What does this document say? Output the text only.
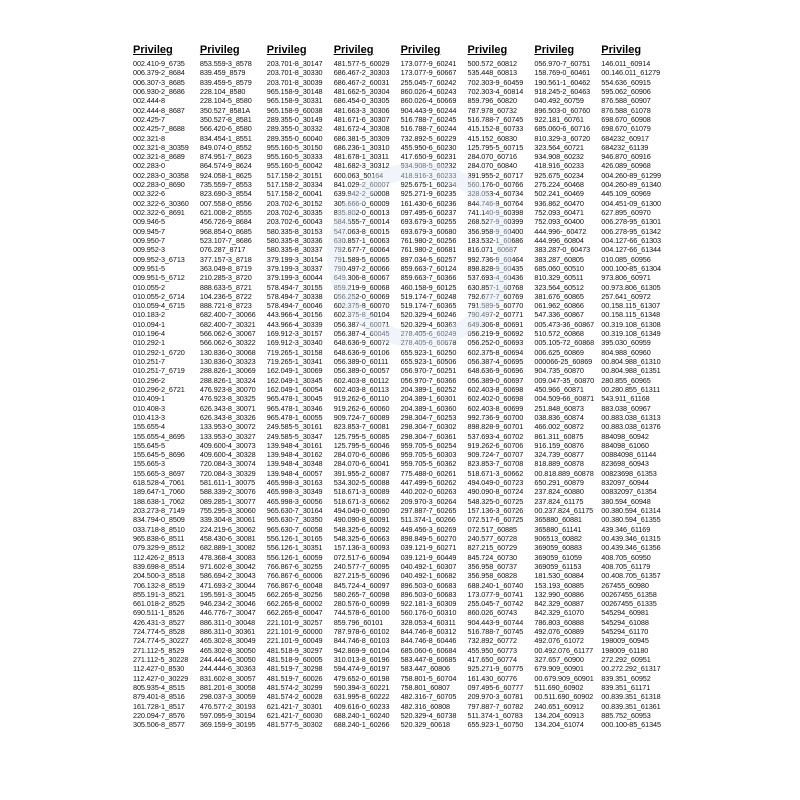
Privileg
002.410-9_6735
006.379-2_8684
006.307-3_8685
006.930-2_8686
002.444-8
002.444-8_8687
002.425-7
002.425-7_8688
002.321-8
002.321-8_30359
002.321-8_8689
002.283-0
002.283-0_30358
002.283-0_8690
002.322-6
002.322-6_30360
002.322-6_8691
009.946-5
009.945-7
009.950-7
009.952-3
009.952-3_6713
009.951-5
009.951-5_6712
010.055-2
010.055-2_6714
010.059-4_6715
010.183-2
010.094-1
010.196-4
010.292-1
010.292-1_6720
010.251-7
010.251-7_6719
010.296-2
010.296-2_6721
010.409-1
010.408-3
010.413-3
155.655-4
155.655-4_8695
155.645-5
155.645-5_8696
155.665-3
155.665-3_8697
618.528-4_7061
189.647-1_7060
188.638-1_7062
203.273-8_7149
834.794-0_8509
033.718-8_8510
965.838-6_8511
079.329-9_8512
112.426-2_8513
839.698-8_8514
204.500-3_8518
706.132-8_8519
855.191-3_8521
661.018-2_8525
690.511-1_8526
426.431-3_8527
724.774-5_8528
724.774-5_30227
271.112-5_8529
271.112-5_30228
112.427-0_8530
112.427-0_30229
805.935-4_8515
879.401-8_8516
161.728-1_8517
220.094-7_8576
305.506-8_8577
Privileg
853.559-3_8578
839.459_8579
839.459-5_8579
228.104_8580
228.104-5_8580
350.527_8581A
350.527-8_8581
566.420-6_8580
834.454-1_8551
849.074-0_8552
874.951-7_8623
864.574-9_8624
924.058-1_8625
735.559-7_8553
823.690-3_8554
007.558-0_8556
621.008-2_8555
456.726-9_8684
968.854-0_8685
523.107-7_8686
076.287_8717
377.157-3_8718
363.049-8_8719
210.285-3_8720
888.633-5_8721
104.236-5_8722
888.721-8_8723
682.400-7_30066
682.400-7_30321
566.062-6_30067
566.062-6_30322
130.836-0_30068
130.836-0_30323
288.826-1_30069
288.826-1_30324
476.923-8_30070
476.923-8_30325
626.343-8_30071
626.343-8_30326
133.953-0_30072
133.953-0_30327
409.600-4_30073
409.600-4_30328
720.084-3_30074
720.084-3_30329
581.611-1_30075
588.339-2_30076
089.285-1_30077
755.295-3_30060
339.304-8_30061
224.219-6_30062
458.430-6_30081
682.889-1_30082
478.368-4_30083
971.602-8_30042
586.694-2_30043
471.693-2_30044
195.591-3_30045
946.234-2_30046
446.776-7_30047
886.311-0_30048
886.311-0_30361
465.302-8_30049
465.302-8_30050
244.444-6_30050
244.444-6_30363
831.602-8_30057
881.201-8_30058
298.037-3_30059
476.577-2_30193
597.095-9_30194
369.159-9_30195
Privileg
203.701-8_30147
203.701-8_30330
203.701-8_30039
965.158-9_30148
965.158-9_30331
965.158-9_60038
289.355-0_30149
289.355-0_30332
289.355-0_60040
955.160-5_30150
955.160-5_30333
955.160-5_60042
517.158-2_30151
517.158-2_30334
517.158-2_60041
203.702-6_30152
203.702-6_30335
203.702-6_60043
580.335-8_30153
580.335-8_30336
580.335-8_30337
379.199-3_30154
379.199-3_30337
379.199-3_60044
578.494-7_30155
578.494-7_30338
578.494-7_60046
443.966-4_30156
443.966-4_30339
169.912-3_30157
169.912-3_30340
719.265-1_30158
719.265-1_30341
162.049-1_30069
162.049-1_30345
162.049-1_60054
965.478-1_30045
965.478-1_30346
965.478-1_60055
249.585-5_30161
249.585-5_30347
139.948-4_30161
139.948-4_30162
139.948-4_30348
139.948-4_60057
465.998-3_30163
465.998-3_30349
465.998-3_60056
965.630-7_30164
965.630-7_30350
965.630-7_60058
556.126-1_30165
556.126-1_30351
556.126-1_60059
766.867-6_30255
766.867-6_60006
766.867-6_60048
662.265-8_30256
662.265-8_60002
662.265-8_60047
221.101-9_30257
221.101-9_60000
221.101-9_60049
481.518-9_30297
481.518-9_60005
481.519-7_30298
481.519-7_60026
481.574-2_30299
481.574-2_60028
621.421-7_30301
621.421-7_60030
481.577-5_30302
Privileg
481.577-5_60029
686.467-2_30303
686.467-2_60031
481.662-5_30304
686.454-0_30305
481.663-3_30306
481.671-6_30307
481.672-4_30308
686.381-5_30309
686.236-1_30310
481.678-1_30311
481.682-3_30312
600.063_50164
841.029-2_60007
639.942-2_60008
305.666-0_60009
835.802-0_60013
584.555-7_60014
547.063-8_60015
630.857-1_60063
792.677-7_60064
791.589-5_60065
790.497-2_60066
649.306-8_60067
859.219-9_60068
056.252-0_60069
602.375-8_60070
602.375-8_60104
056.387-4_60071
056.387-4_60045
648.636-9_60072
648.636-9_60106
056.389-0_60111
056.389-0_60057
602.403-8_60112
602.403-8_60113
919.262-6_60110
919.262-6_60060
909.724-7_60089
823.853-7_60081
125.795-5_60085
125.795-5_60046
284.070-6_60086
284.070-6_60041
391.955-2_60087
534.302-5_60088
518.671-3_60089
518.671-3_60662
494.049-0_60090
490.090-8_60091
548.325-6_60092
548.325-6_60663
157.136-3_60093
072.517-6_60094
240.577-7_60095
827.215-5_60096
845.724-4_60097
580.265-7_60098
280.576-0_60099
744.578-6_60100
859.796_60101
787.978-6_60102
844.746-8_60103
942.869-9_60104
310.013-8_60196
594.474-9_60197
479.652-0_60198
590.394-3_60221
631.995-8_60222
409.616-0_60233
688.240-1_60240
688.240-1_60266
Privileg
173.077-9_60241
173.077-9_60667
255.045-7_60242
860.026-4_60243
860.026-4_60669
904.443-9_60244
516.788-7_60245
516.788-7_60244
732.892-5_60229
455.950-6_60230
417.650-9_60231
934.908-5_60232
418.916-3_60233
925.675-1_60234
925.271-9_60235
161.430-6_60236
097.495-6_60237
693.679-3_60255
693.679-3_60680
761.980-2_60256
761.980-2_60681
897.034-5_60257
859.663-7_60124
859.663-7_60366
460.158-9_60125
519.174-7_60248
519.174-7_60365
520.329-4_60246
520.329-4_60363
278.405-6_60249
278.405-6_60678
655.923-1_60250
655.923-1_60506
056.970-7_60251
056.970-7_60366
204.389-1_60252
204.389-1_60301
204.389-1_60360
298.304-7_60253
298.304-7_60302
298.304-7_60361
959.705-5_60254
959.705-5_60303
959.705-5_60362
775.488-0_60261
447.499-5_60262
440.202-0_60263
209.970-3_60264
297.887-7_60265
511.374-1_60266
449.456-3_60269
898.849-5_60270
039.121-9_60271
039.121-9_60449
040.492-1_60307
040.492-1_60682
896.503-0_60683
896.503-0_60683
922.181-3_60309
560.176-0_60310
328.053-4_60311
844.746-8_60312
844.746-8_60446
685.060-6_60684
583.447-8_60685
583.447_60806
758.801-5_60704
758.801_60807
482.316-7_60705
482.316_60808
520.329-4_60738
520.329_60618
Privileg
500.572_60812
535.448_60813
702.303-9_60459
702.303-4_60814
859.796_60820
787.978_60732
516.788-7_60745
415.152-8_60733
415.152_60830
125.795-5_60715
284.070_60716
284.070_60840
391.955-2_60717
560.176-0_60766
328.053-4_60734
844.746-8_60764
741.140-9_60398
268.527-9_60399
356.958-9_60400
183.532-1_60686
816.071_60687
992.736-9_60464
898.828-9_60435
537.693-4_60436
630.857-1_60768
792.677-7_60769
791.589-5_60770
790.497-2_60771
649.306-8_60691
056.219-9_60692
056.252-0_60693
602.375-8_60694
056.387-4_60695
648.636-9_60696
056.389-0_60697
602.403-8_60698
602.402-0_60698
602.403-8_60699
992.736-9_60700
898.828-9_60701
537.693-4_60702
919.262-6_60706
909.724-7_60707
823.853-7_60708
518.671-3_60662
494.049-0_60723
490.090-8_60724
548.325-0_60725
157.136-3_60726
072.517-6_60725
072.517_60885
240.577_60728
827.215_60729
845.724_60730
356.958_60737
356.958_60828
688.240-1_60740
173.077-9_60741
255.045-7_60742
860.026_60743
904.443-9_60744
516.788-7_60745
732.892_60772
455.950_60773
417.650_60774
925.271-9_60775
161.430_60776
097.495-6_60777
209.970-3_60781
797.887-7_60782
511.374-1_60783
655.923-1_60750
Privileg
056.970-7_60751
158.769-0_60461
190.561-1_60462
918.245-2_60463
040.492_60759
896.503-0_60760
922.181_60761
685.060-6_60716
810.329-3_60720
323.564_60721
934.908_60232
418.916_60233
925.675_60234
275.224_60468
502.241_60469
936.862_60470
752.093_60471
752.093_60400
444.996-_60472
444.996_60804
383.287-0_60473
383.287_60805
685.060_60510
810.329_60511
323.564_60512
381.676_60865
061.962_60866
547.336_60867
005.473-36_60867
510.572_60868
005.105-72_60868
006.625_60869
000066-25_60869
904.735_60870
009.047-35_60870
450.966_60871
004.509-66_60871
251.848_60873
038.836_60874
466.002_60872
861.311_60875
916.159_60876
324.739_60877
818.889_60878
00.818.889_60878
650.291_60879
237.824_60880
237.824_61175
00.237.824_61175
365880_60881
365880_61141
906513_60882
369059_60883
369059_61059
369059_61153
181.530_60884
153.193_60885
132.990_60886
842.329_60887
842.329_61070
786.803_60888
492.076_60889
492.076_61072
00.492.076_61177
327.657_60900
679.909_60901
00.679.909_60901
511.690_60902
00.511.690_60902
240.651_60912
134.204_60913
134.204_61074
Privileg
146.011_60914
00.146.011_61279
554.636_60915
595.062_60906
876.588_60907
876.588_61078
698.670_60908
698.670_61079
684232_60917
684232_61139
946.870_60916
426.089_60968
004.260-89_61299
004.260-89_61340
445.109_60969
004.451-09_61300
627.895_60970
006.278-95_61301
006.278-95_61342
004.127-66_61303
004.127-66_61344
010.085_60956
000.100-85_61304
973.806_60971
00.973.806_61305
257.641_60972
00.158.115_61307
00.158.115_61348
00.319.108_61308
00.319.108_61349
395.030_60959
804.988_60960
00.804.988_61310
00.804.988_61351
280.855_60965
00.280.855_61311
543.911_61168
883.038_60967
00.883.038_61313
00.883.038_61376
884098_60942
884098_61060
00884098_61144
823698_60943
00823698_61353
832097_60944
00832097_61354
380.594_60948
00.380.594_61314
00.380.594_61355
439.346_61169
00.439.346_61315
00.439.346_61356
408.705_60950
408.705_61179
00.408.705_61357
267455_60980
00267455_61358
00267455_61335
545294_60981
545294_61088
545294_61170
198009_60945
198009_61180
272.292_60951
00.272.292_61317
839.351_60952
839.351_61171
00.839.351_61318
00.839.351_61361
885.752_60953
000.100-85_61345
